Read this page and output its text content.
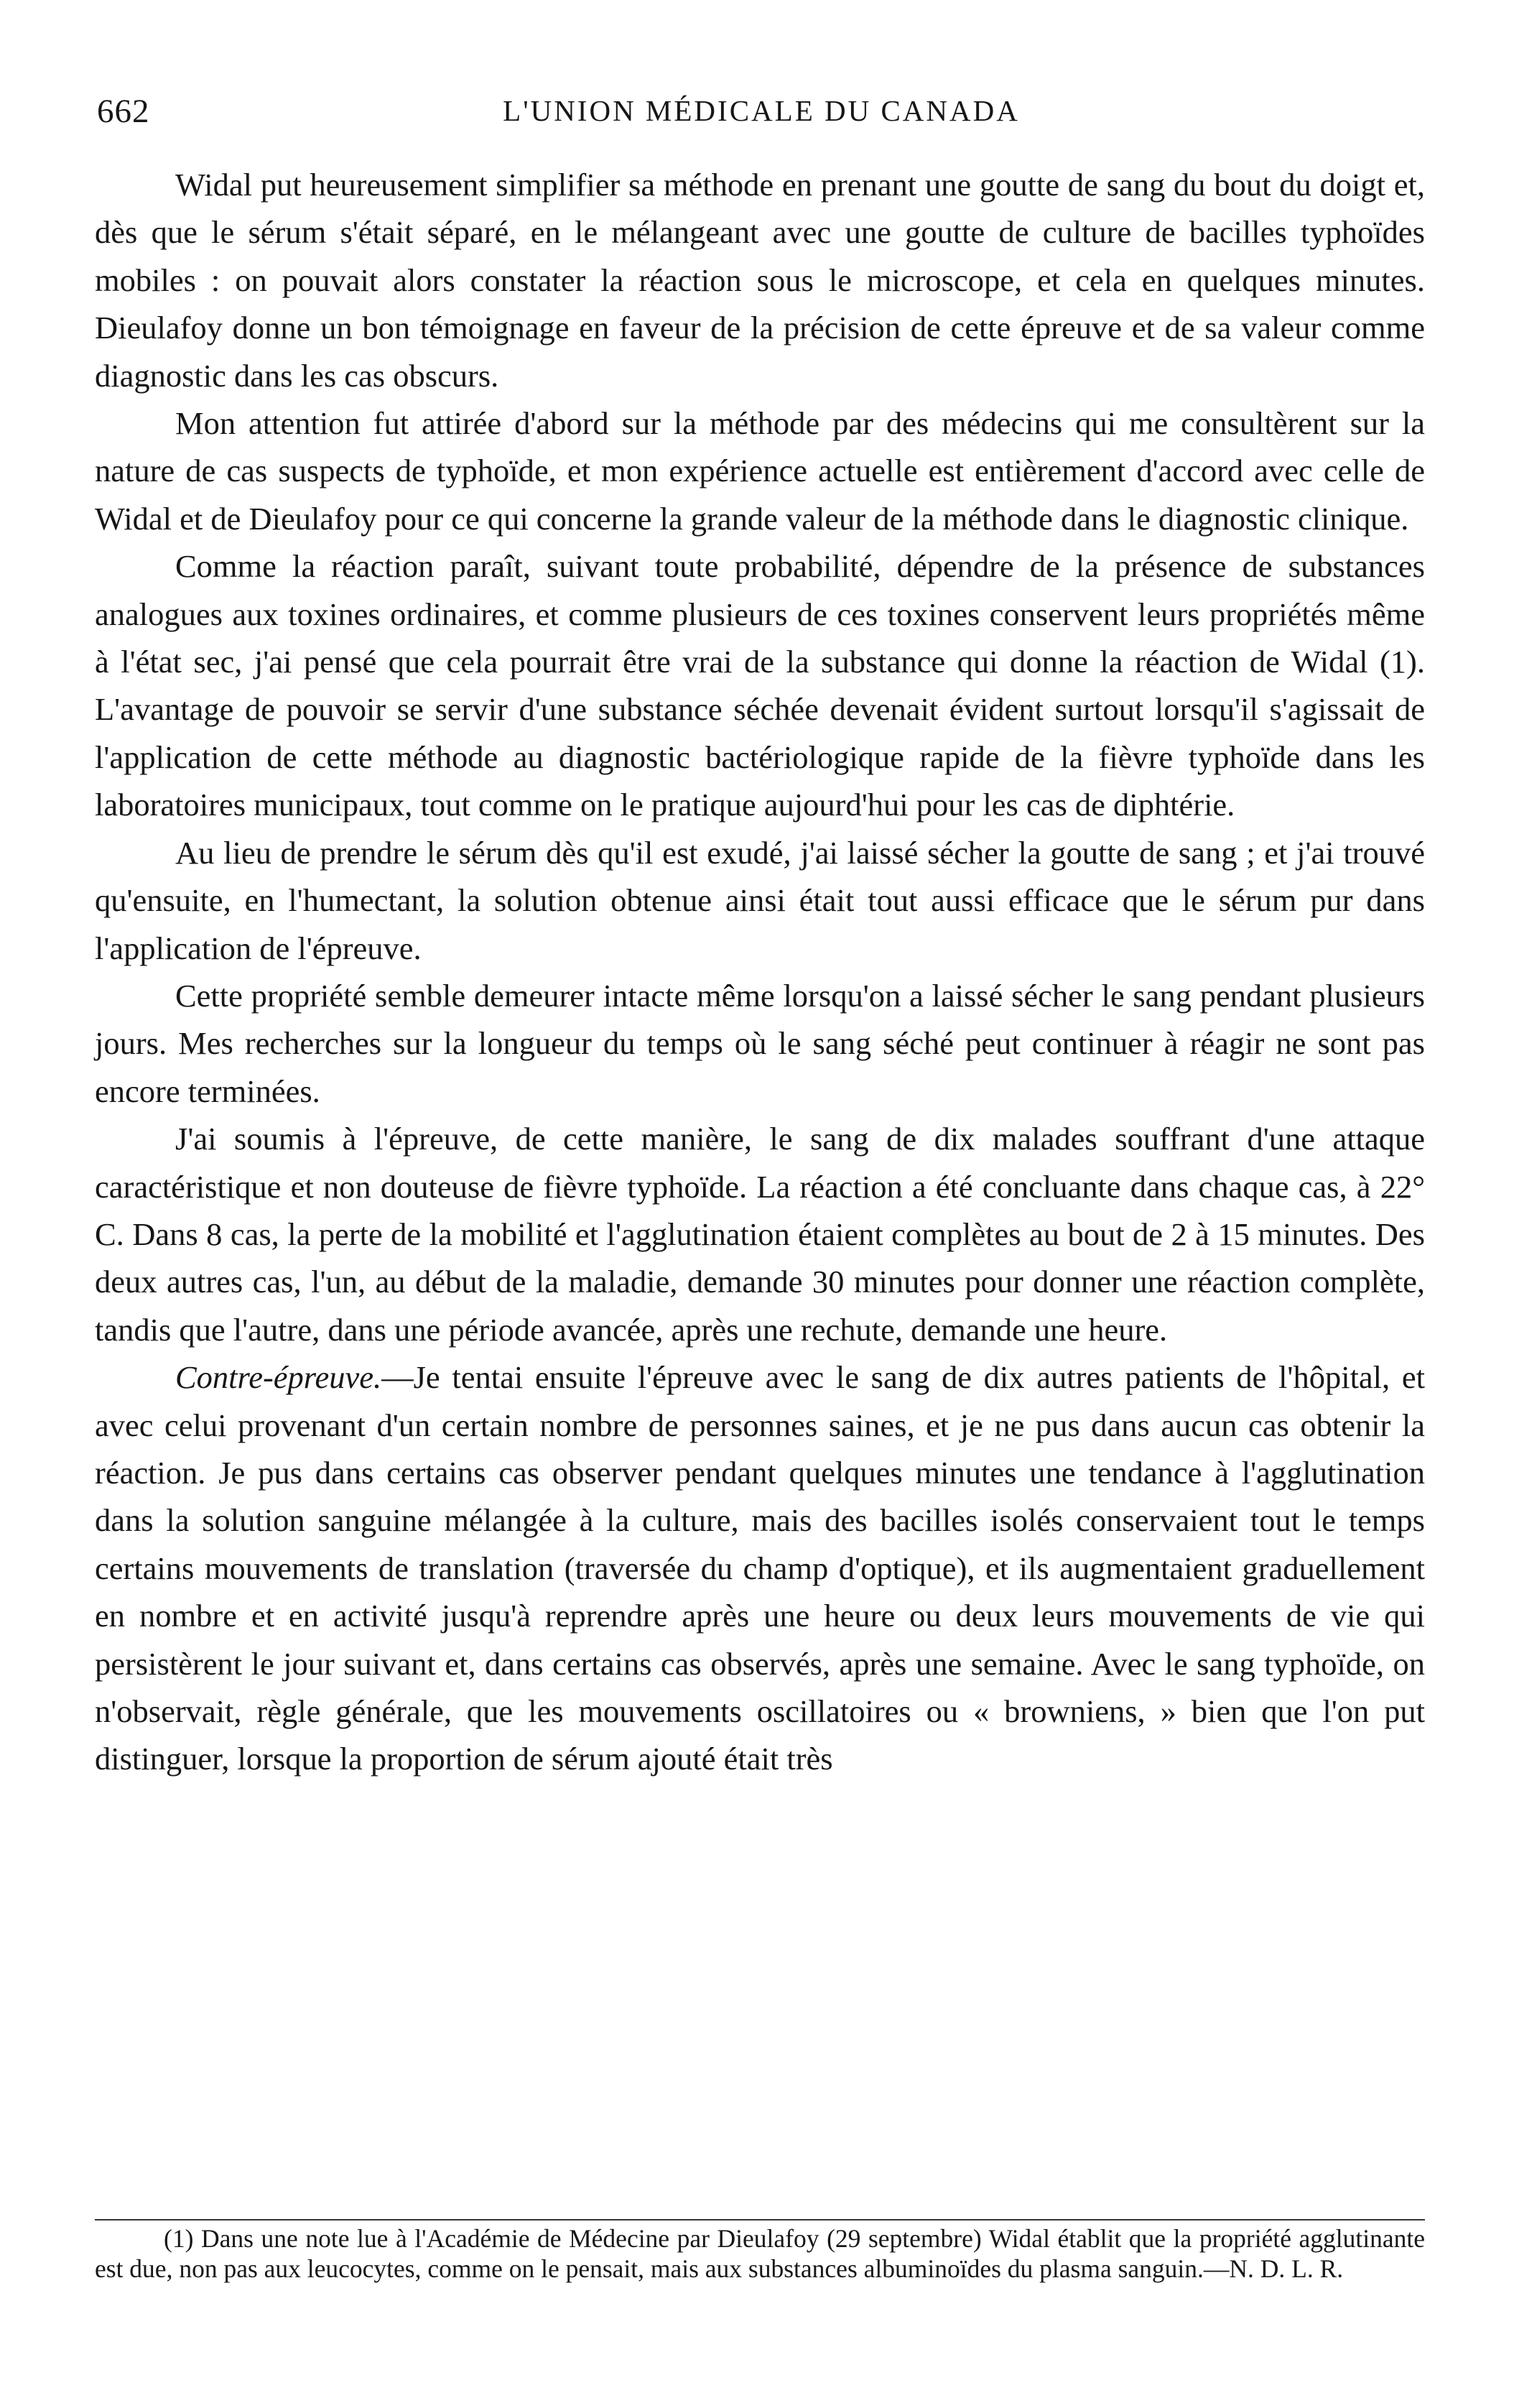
662	L'UNION MÉDICALE DU CANADA

Widal put heureusement simplifier sa méthode en prenant une goutte de sang du bout du doigt et, dès que le sérum s'était séparé, en le mélangeant avec une goutte de culture de bacilles typhoïdes mobiles : on pouvait alors constater la réaction sous le microscope, et cela en quelques minutes. Dieulafoy donne un bon témoignage en faveur de la précision de cette épreuve et de sa valeur comme diagnostic dans les cas obscurs.

Mon attention fut attirée d'abord sur la méthode par des médecins qui me consultèrent sur la nature de cas suspects de typhoïde, et mon expérience actuelle est entièrement d'accord avec celle de Widal et de Dieulafoy pour ce qui concerne la grande valeur de la méthode dans le diagnostic clinique.

Comme la réaction paraît, suivant toute probabilité, dépendre de la présence de substances analogues aux toxines ordinaires, et comme plusieurs de ces toxines conservent leurs propriétés même à l'état sec, j'ai pensé que cela pourrait être vrai de la substance qui donne la réaction de Widal (1). L'avantage de pouvoir se servir d'une substance séchée devenait évident surtout lorsqu'il s'agissait de l'application de cette méthode au diagnostic bactériologique rapide de la fièvre typhoïde dans les laboratoires municipaux, tout comme on le pratique aujourd'hui pour les cas de diphtérie.

Au lieu de prendre le sérum dès qu'il est exudé, j'ai laissé sécher la goutte de sang ; et j'ai trouvé qu'ensuite, en l'humectant, la solution obtenue ainsi était tout aussi efficace que le sérum pur dans l'application de l'épreuve.

Cette propriété semble demeurer intacte même lorsqu'on a laissé sécher le sang pendant plusieurs jours. Mes recherches sur la longueur du temps où le sang séché peut continuer à réagir ne sont pas encore terminées.

J'ai soumis à l'épreuve, de cette manière, le sang de dix malades souffrant d'une attaque caractéristique et non douteuse de fièvre typhoïde. La réaction a été concluante dans chaque cas, à 22° C. Dans 8 cas, la perte de la mobilité et l'agglutination étaient complètes au bout de 2 à 15 minutes. Des deux autres cas, l'un, au début de la maladie, demande 30 minutes pour donner une réaction complète, tandis que l'autre, dans une période avancée, après une rechute, demande une heure.

Contre-épreuve.—Je tentai ensuite l'épreuve avec le sang de dix autres patients de l'hôpital, et avec celui provenant d'un certain nombre de personnes saines, et je ne pus dans aucun cas obtenir la réaction. Je pus dans certains cas observer pendant quelques minutes une tendance à l'agglutination dans la solution sanguine mélangée à la culture, mais des bacilles isolés conservaient tout le temps certains mouvements de translation (traversée du champ d'optique), et ils augmentaient graduellement en nombre et en activité jusqu'à reprendre après une heure ou deux leurs mouvements de vie qui persistèrent le jour suivant et, dans certains cas observés, après une semaine. Avec le sang typhoïde, on n'observait, règle générale, que les mouvements oscillatoires ou « browniens, » bien que l'on put distinguer, lorsque la proportion de sérum ajouté était très

(1) Dans une note lue à l'Académie de Médecine par Dieulafoy (29 septembre) Widal établit que la propriété agglutinante est due, non pas aux leucocytes, comme on le pensait, mais aux substances albuminoïdes du plasma sanguin.—N. D. L. R.
